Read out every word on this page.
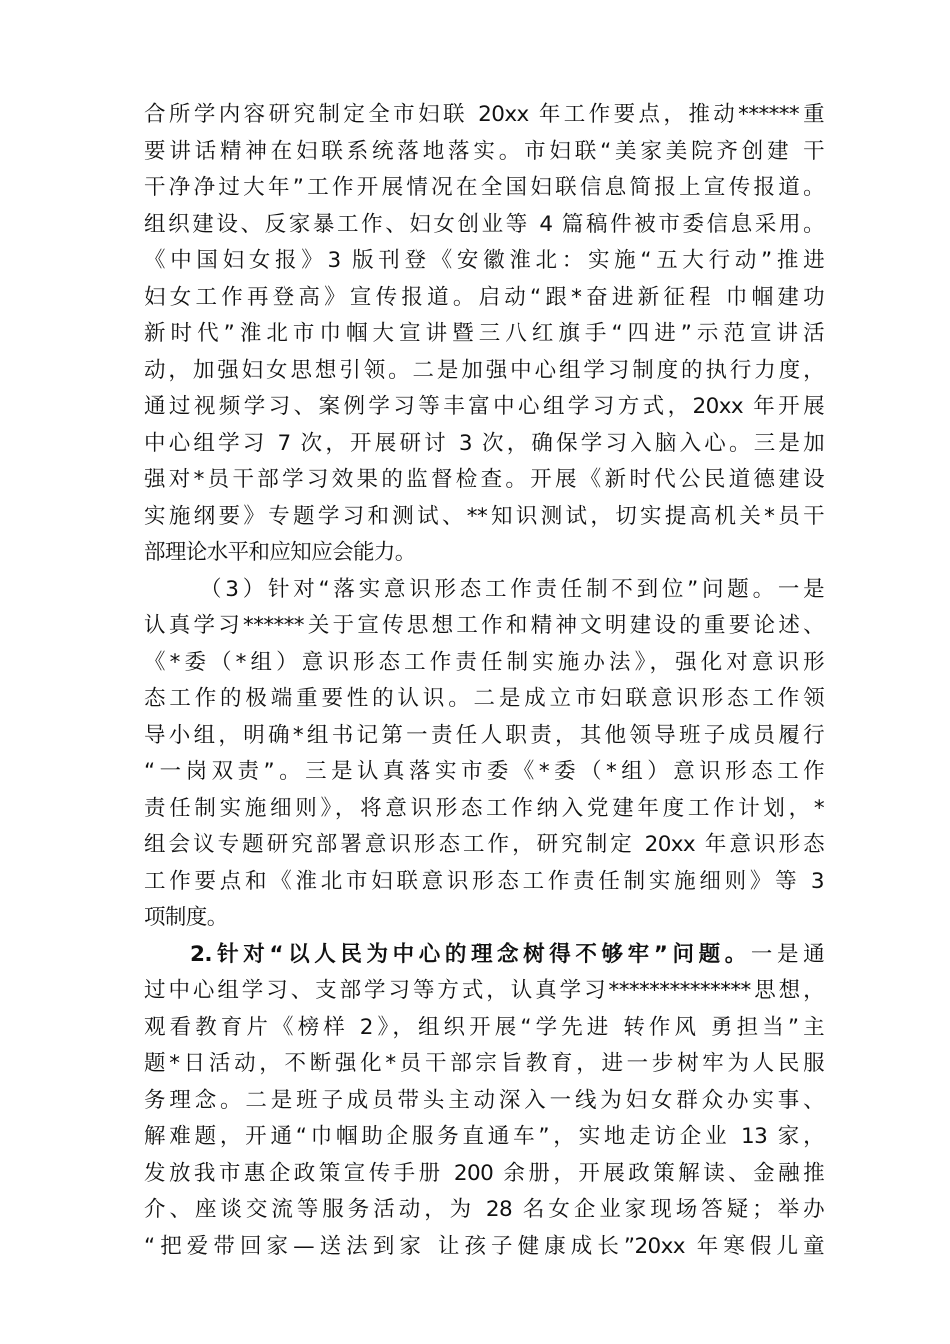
合所学内容研究制定全市妇联 20xx 年工作要点，推动******重
要讲话精神在妇联系统落地落实。市妇联“美家美院齐创建 干
干净净过大年”工作开展情况在全国妇联信息简报上宣传报道。
组织建设、反家暴工作、妇女创业等 4 篇稿件被市委信息采用。
《中国妇女报》3 版刊登《安徽淮北：实施“五大行动”推进
妇女工作再登高》宣传报道。启动“跟*奋进新征程 巾帼建功
新时代”淮北市巾帼大宣讲暨三八红旗手“四进”示范宣讲活
动，加强妇女思想引领。二是加强中心组学习制度的执行力度，
通过视频学习、案例学习等丰富中心组学习方式，20xx 年开展
中心组学习 7 次，开展研讨 3 次，确保学习入脑入心。三是加
强对*员干部学习效果的监督检查。开展《新时代公民道德建设
实施纲要》专题学习和测试、**知识测试，切实提高机关*员干
部理论水平和应知应会能力。
（3）针对“落实意识形态工作责任制不到位”问题。一是
认真学习******关于宣传思想工作和精神文明建设的重要论述、
《*委（*组）意识形态工作责任制实施办法》，强化对意识形
态工作的极端重要性的认识。二是成立市妇联意识形态工作领
导小组，明确*组书记第一责任人职责，其他领导班子成员履行
“一岗双责”。三是认真落实市委《*委（*组）意识形态工作
责任制实施细则》，将意识形态工作纳入党建年度工作计划，*
组会议专题研究部署意识形态工作，研究制定 20xx 年意识形态
工作要点和《淮北市妇联意识形态工作责任制实施细则》等 3
项制度。
2.针对“以人民为中心的理念树得不够牢”问题。一是通
过中心组学习、支部学习等方式，认真学习**************思想，
观看教育片《榜样 2》，组织开展“学先进 转作风 勇担当”主
题*日活动，不断强化*员干部宗旨教育，进一步树牢为人民服
务理念。二是班子成员带头主动深入一线为妇女群众办实事、
解难题，开通“巾帼助企服务直通车”，实地走访企业 13 家，
发放我市惠企政策宣传手册 200 余册，开展政策解读、金融推
介、座谈交流等服务活动，为 28 名女企业家现场答疑；举办
“把爱带回家—送法到家 让孩子健康成长”20xx 年寒假儿童
